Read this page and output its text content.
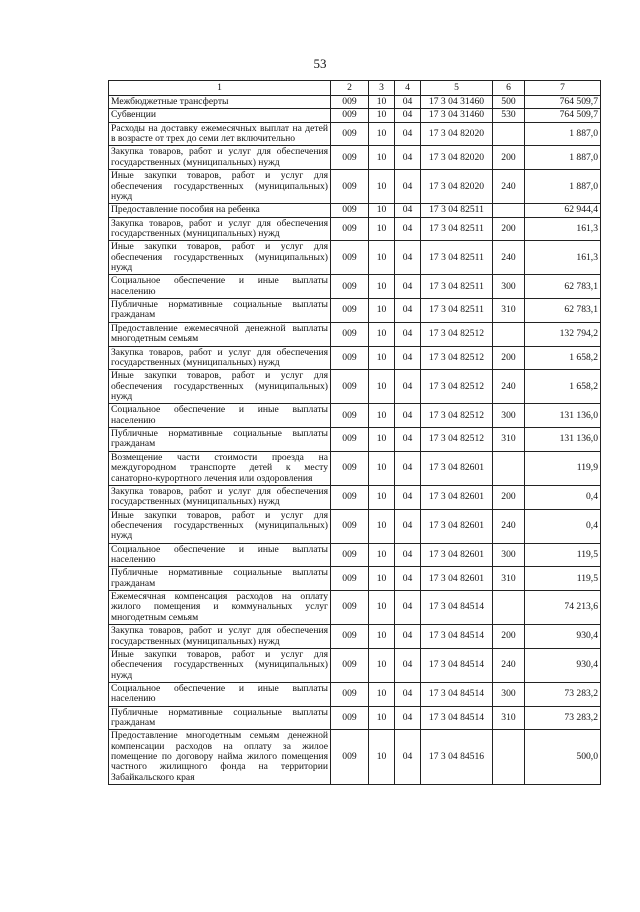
53
1	2	3	4	5	6	7
Межбюджетные трансферты	009	10	04	17 3 04 31460	500	764 509,7
Субвенции	009	10	04	17 3 04 31460	530	764 509,7
Расходы на доставку ежемесячных выплат на детей в возрасте от трех до семи лет включительно	009	10	04	17 3 04 82020		1 887,0
Закупка товаров, работ и услуг для обеспечения государственных (муниципальных) нужд	009	10	04	17 3 04 82020	200	1 887,0
Иные закупки товаров, работ и услуг для обеспечения государственных (муниципальных) нужд	009	10	04	17 3 04 82020	240	1 887,0
Предоставление пособия на ребенка	009	10	04	17 3 04 82511		62 944,4
Закупка товаров, работ и услуг для обеспечения государственных (муниципальных) нужд	009	10	04	17 3 04 82511	200	161,3
Иные закупки товаров, работ и услуг для обеспечения государственных (муниципальных) нужд	009	10	04	17 3 04 82511	240	161,3
Социальное обеспечение и иные выплаты населению	009	10	04	17 3 04 82511	300	62 783,1
Публичные нормативные социальные выплаты гражданам	009	10	04	17 3 04 82511	310	62 783,1
Предоставление ежемесячной денежной выплаты многодетным семьям	009	10	04	17 3 04 82512		132 794,2
Закупка товаров, работ и услуг для обеспечения государственных (муниципальных) нужд	009	10	04	17 3 04 82512	200	1 658,2
Иные закупки товаров, работ и услуг для обеспечения государственных (муниципальных) нужд	009	10	04	17 3 04 82512	240	1 658,2
Социальное обеспечение и иные выплаты населению	009	10	04	17 3 04 82512	300	131 136,0
Публичные нормативные социальные выплаты гражданам	009	10	04	17 3 04 82512	310	131 136,0
Возмещение части стоимости проезда на междугородном транспорте детей к месту санаторно-курортного лечения или оздоровления	009	10	04	17 3 04 82601		119,9
Закупка товаров, работ и услуг для обеспечения государственных (муниципальных) нужд	009	10	04	17 3 04 82601	200	0,4
Иные закупки товаров, работ и услуг для обеспечения государственных (муниципальных) нужд	009	10	04	17 3 04 82601	240	0,4
Социальное обеспечение и иные выплаты населению	009	10	04	17 3 04 82601	300	119,5
Публичные нормативные социальные выплаты гражданам	009	10	04	17 3 04 82601	310	119,5
Ежемесячная компенсация расходов на оплату жилого помещения и коммунальных услуг многодетным семьям	009	10	04	17 3 04 84514		74 213,6
Закупка товаров, работ и услуг для обеспечения государственных (муниципальных) нужд	009	10	04	17 3 04 84514	200	930,4
Иные закупки товаров, работ и услуг для обеспечения государственных (муниципальных) нужд	009	10	04	17 3 04 84514	240	930,4
Социальное обеспечение и иные выплаты населению	009	10	04	17 3 04 84514	300	73 283,2
Публичные нормативные социальные выплаты гражданам	009	10	04	17 3 04 84514	310	73 283,2
Предоставление многодетным семьям денежной компенсации расходов на оплату за жилое помещение по договору найма жилого помещения частного жилищного фонда на территории Забайкальского края	009	10	04	17 3 04 84516		500,0
